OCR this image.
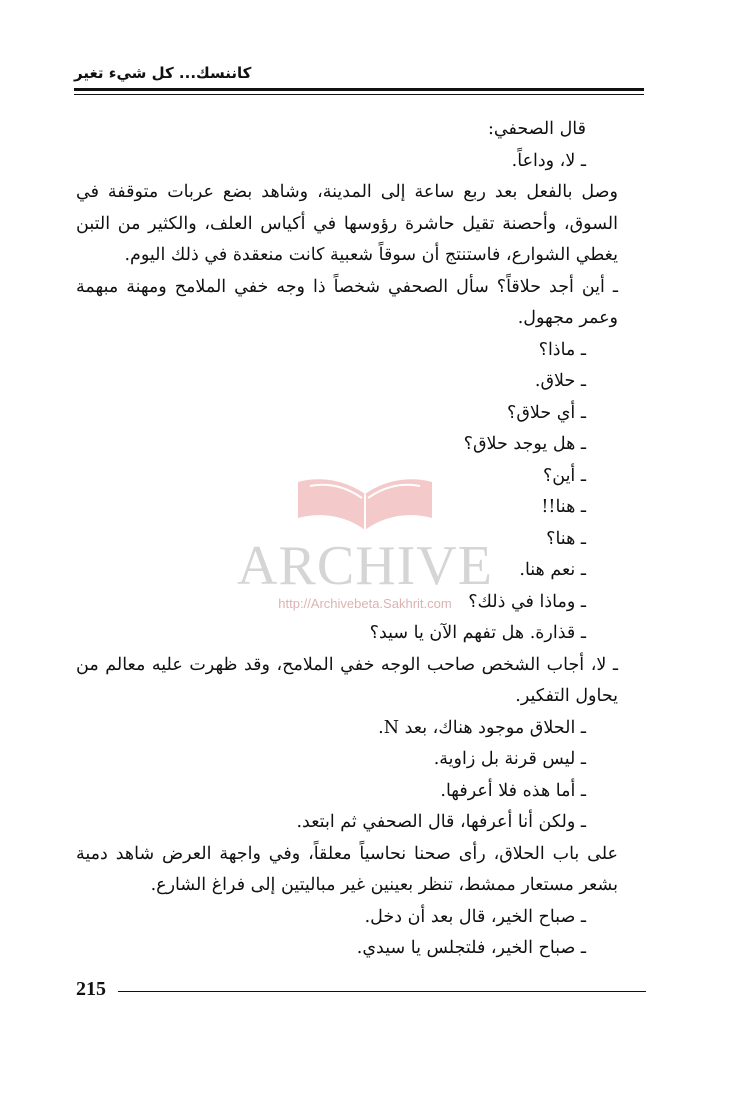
كاننسك... كل شيء تغير

قال الصحفي:

ـ لا، وداعاً.

وصل بالفعل بعد ربع ساعة إلى المدينة، وشاهد بضع عربات متوقفة في السوق، وأحصنة تقيل حاشرة رؤوسها في أكياس العلف، والكثير من التبن يغطي الشوارع، فاستنتج أن سوقاً شعبية كانت منعقدة في ذلك اليوم.

ـ أين أجد حلاقاً؟ سأل الصحفي شخصاً ذا وجه خفي الملامح ومهنة مبهمة وعمر مجهول.

ـ ماذا؟

ـ حلاق.

ـ أي حلاق؟

ـ هل يوجد حلاق؟

ـ أين؟

ـ هنا!!

ـ هنا؟

ـ نعم هنا.

ـ وماذا في ذلك؟

ـ قذارة. هل تفهم الآن يا سيد؟

ـ لا، أجاب الشخص صاحب الوجه خفي الملامح، وقد ظهرت عليه معالم من يحاول التفكير.

ـ الحلاق موجود هناك، بعد N.

ـ ليس قرنة بل زاوية.

ـ أما هذه فلا أعرفها.

ـ ولكن أنا أعرفها، قال الصحفي ثم ابتعد.

على باب الحلاق، رأى صحنا نحاسياً معلقاً، وفي واجهة العرض شاهد دمية بشعر مستعار ممشط، تنظر بعينين غير مباليتين إلى فراغ الشارع.

ـ صباح الخير، قال بعد أن دخل.

ـ صباح الخير، فلتجلس يا سيدي.

ARCHIVE
http://Archivebeta.Sakhrit.com
215
